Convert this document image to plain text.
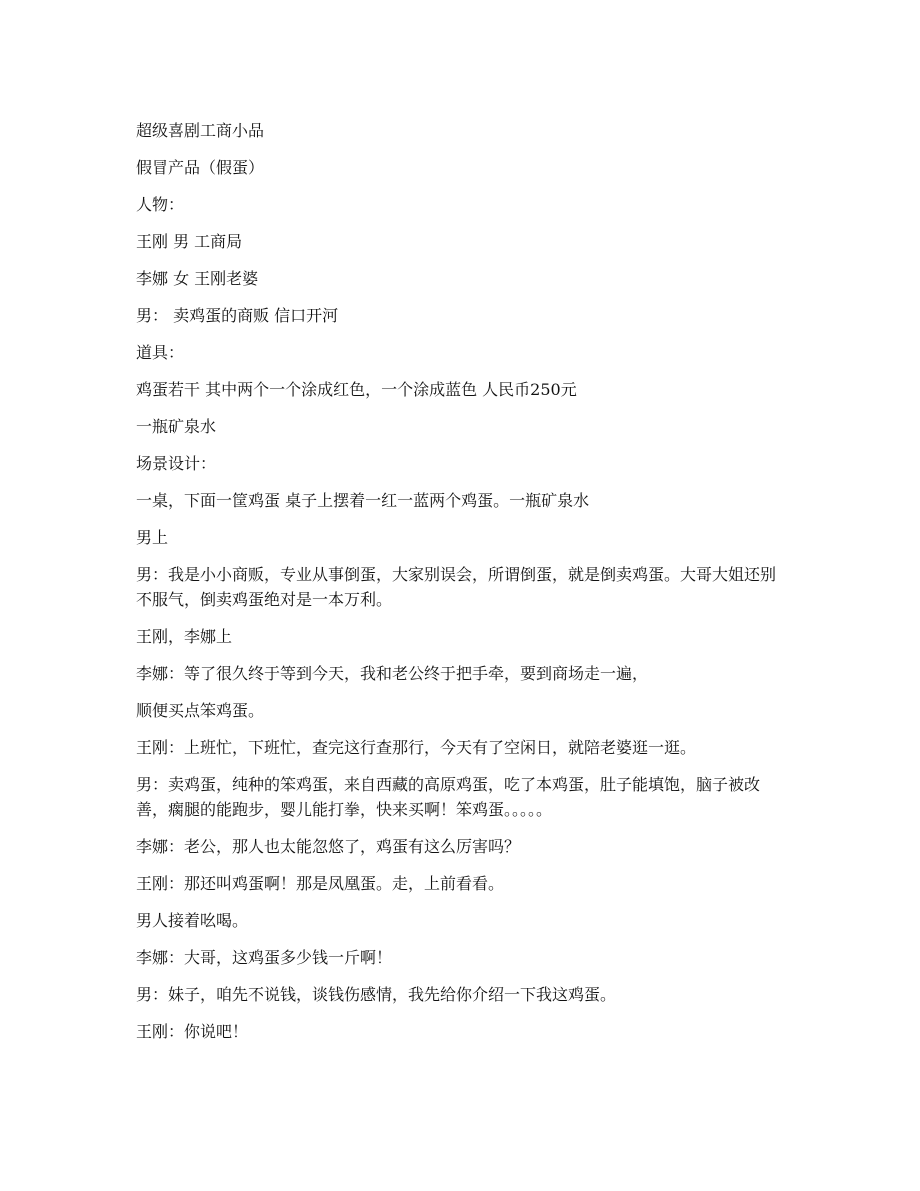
超级喜剧工商小品

假冒产品（假蛋）

人物：

王刚 男 工商局

李娜 女 王刚老婆

男： 卖鸡蛋的商贩 信口开河

道具：

鸡蛋若干 其中两个一个涂成红色，一个涂成蓝色 人民币250元

一瓶矿泉水

场景设计：

一桌，下面一筐鸡蛋 桌子上摆着一红一蓝两个鸡蛋。一瓶矿泉水

男上

男：我是小小商贩，专业从事倒蛋，大家别误会，所谓倒蛋，就是倒卖鸡蛋。大哥大姐还别不服气，倒卖鸡蛋绝对是一本万利。

王刚，李娜上

李娜：等了很久终于等到今天，我和老公终于把手牵，要到商场走一遍，

顺便买点笨鸡蛋。

王刚：上班忙，下班忙，查完这行查那行，今天有了空闲日，就陪老婆逛一逛。

男：卖鸡蛋，纯种的笨鸡蛋，来自西藏的高原鸡蛋，吃了本鸡蛋，肚子能填饱，脑子被改善，瘸腿的能跑步，婴儿能打拳，快来买啊！笨鸡蛋。。。。。

李娜：老公，那人也太能忽悠了，鸡蛋有这么厉害吗？

王刚：那还叫鸡蛋啊！那是凤凰蛋。走，上前看看。

男人接着吆喝。

李娜：大哥，这鸡蛋多少钱一斤啊！

男：妹子，咱先不说钱，谈钱伤感情，我先给你介绍一下我这鸡蛋。

王刚：你说吧！
